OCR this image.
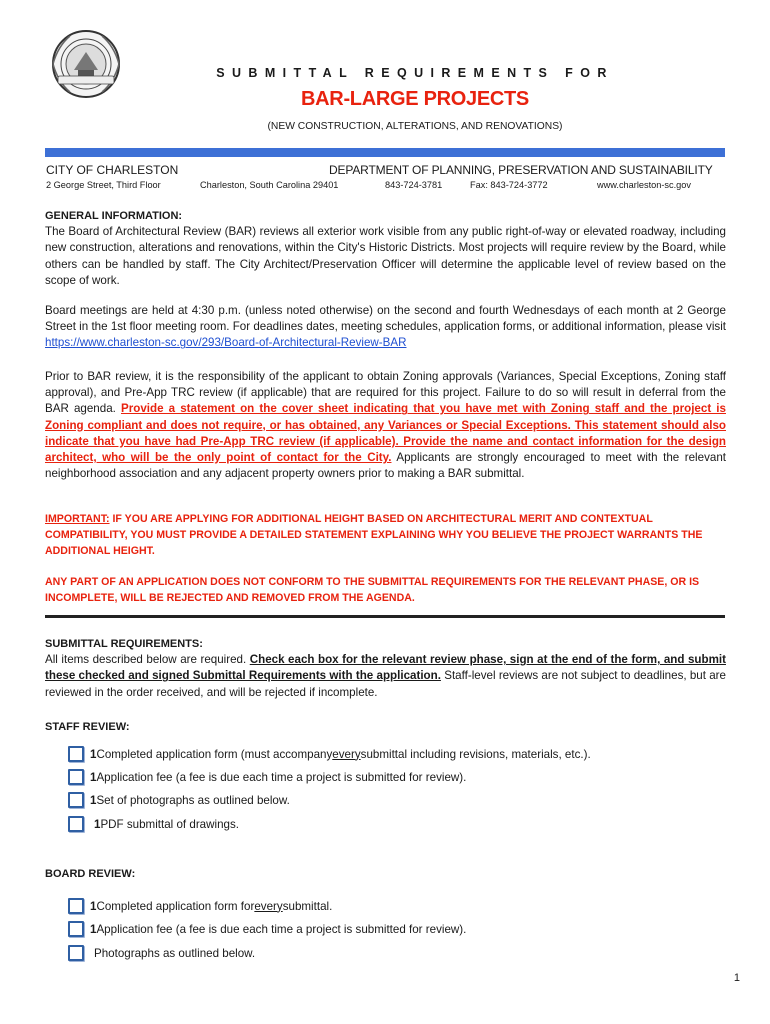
SUBMITTAL REQUIREMENTS FOR
BAR-LARGE PROJECTS
(NEW CONSTRUCTION, ALTERATIONS, AND RENOVATIONS)
CITY OF CHARLESTON	DEPARTMENT OF PLANNING, PRESERVATION AND SUSTAINABILITY
2 George Street, Third Floor	Charleston, South Carolina 29401	843-724-3781	Fax: 843-724-3772	www.charleston-sc.gov
GENERAL INFORMATION:
The Board of Architectural Review (BAR) reviews all exterior work visible from any public right-of-way or elevated roadway, including new construction, alterations and renovations, within the City's Historic Districts. Most projects will require review by the Board, while others can be handled by staff. The City Architect/Preservation Officer will determine the applicable level of review based on the scope of work.
Board meetings are held at 4:30 p.m. (unless noted otherwise) on the second and fourth Wednesdays of each month at 2 George Street in the 1st floor meeting room. For deadlines dates, meeting schedules, application forms, or additional information, please visit https://www.charleston-sc.gov/293/Board-of-Architectural-Review-BAR
Prior to BAR review, it is the responsibility of the applicant to obtain Zoning approvals (Variances, Special Exceptions, Zoning staff approval), and Pre-App TRC review (if applicable) that are required for this project. Failure to do so will result in deferral from the BAR agenda. Provide a statement on the cover sheet indicating that you have met with Zoning staff and the project is Zoning compliant and does not require, or has obtained, any Variances or Special Exceptions. This statement should also indicate that you have had Pre-App TRC review (if applicable). Provide the name and contact information for the design architect, who will be the only point of contact for the City. Applicants are strongly encouraged to meet with the relevant neighborhood association and any adjacent property owners prior to making a BAR submittal.
IMPORTANT: IF YOU ARE APPLYING FOR ADDITIONAL HEIGHT BASED ON ARCHITECTURAL MERIT AND CONTEXTUAL COMPATIBILITY, YOU MUST PROVIDE A DETAILED STATEMENT EXPLAINING WHY YOU BELIEVE THE PROJECT WARRANTS THE ADDITIONAL HEIGHT.
ANY PART OF AN APPLICATION DOES NOT CONFORM TO THE SUBMITTAL REQUIREMENTS FOR THE RELEVANT PHASE, OR IS INCOMPLETE, WILL BE REJECTED AND REMOVED FROM THE AGENDA.
SUBMITTAL REQUIREMENTS:
All items described below are required. Check each box for the relevant review phase, sign at the end of the form, and submit these checked and signed Submittal Requirements with the application. Staff-level reviews are not subject to deadlines, but are reviewed in the order received, and will be rejected if incomplete.
STAFF REVIEW:
1 Completed application form (must accompany every submittal including revisions, materials, etc.).
1 Application fee (a fee is due each time a project is submitted for review).
1 Set of photographs as outlined below.
1 PDF submittal of drawings.
BOARD REVIEW:
1 Completed application form for every submittal.
1 Application fee (a fee is due each time a project is submitted for review).
Photographs as outlined below.
1
